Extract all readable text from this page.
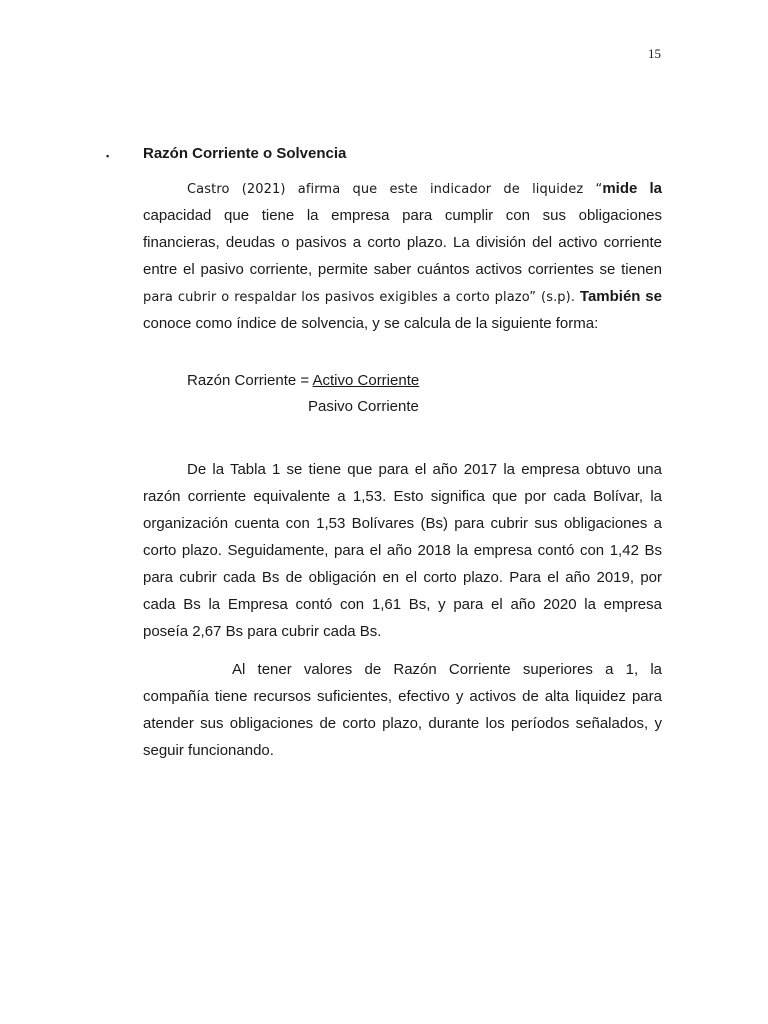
15
▪ Razón Corriente o Solvencia
Castro (2021) afirma que este indicador de liquidez “mide la
capacidad que tiene la empresa para cumplir con sus obligaciones
financieras, deudas o pasivos a corto plazo. La división del activo corriente
entre el pasivo corriente, permite saber cuántos activos corrientes se tienen
para cubrir o respaldar los pasivos exigibles a corto plazo” (s.p). También se
conoce como índice de solvencia, y se calcula de la siguiente forma:
Razón Corriente = Activo Corriente
Pasivo Corriente
De la Tabla 1 se tiene que para el año 2017 la empresa obtuvo una
razón corriente equivalente a 1,53. Esto significa que por cada Bolívar, la
organización cuenta con 1,53 Bolívares (Bs) para cubrir sus obligaciones a
corto plazo. Seguidamente, para el año 2018 la empresa contó con 1,42 Bs
para cubrir cada Bs de obligación en el corto plazo. Para el año 2019, por
cada Bs la Empresa contó con 1,61 Bs, y para el año 2020 la empresa
poseía 2,67 Bs para cubrir cada Bs.
Al tener valores de Razón Corriente superiores a 1, la
compañía tiene recursos suficientes, efectivo y activos de alta liquidez para
atender sus obligaciones de corto plazo, durante los períodos señalados, y
seguir funcionando.
